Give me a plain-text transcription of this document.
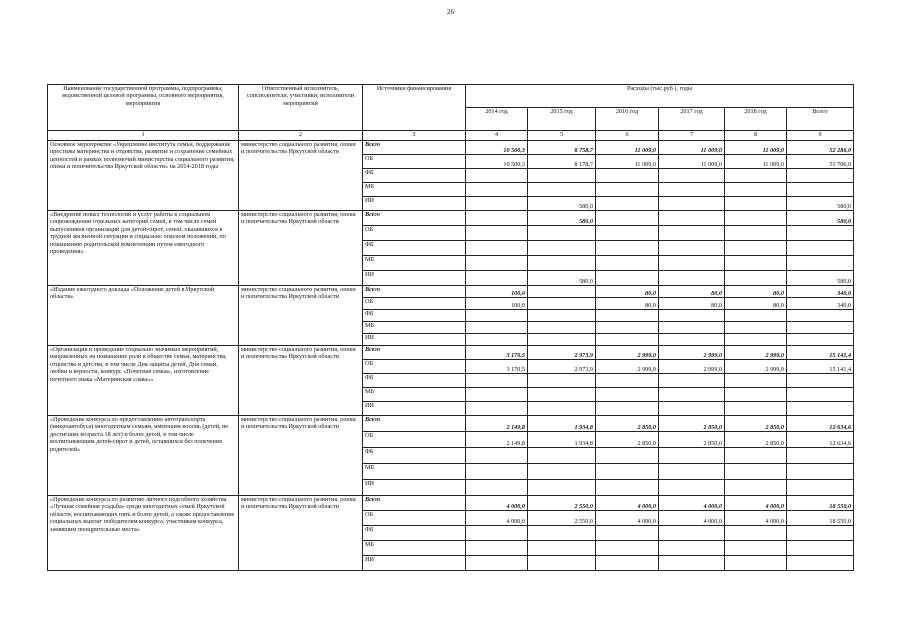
26
Наименование государственной программы, подпрограммы, ведомственной целевой программы, основного мероприятия, мероприятия	Ответственный исполнитель, соисполнители, участники, исполнители мероприятий	Источники финансирования	Расходы (тыс.руб.), годы					
			2014 год	2015 год	2016 год	2017 год	2018 год	Всего
1	2	3	4	5	6	7	8	9
Основное мероприятие «Укрепление института семьи, поддержание престижа материнства и отцовства, развитие и сохранение семейных ценностей в рамках полномочий министерства социального развития, опеки и попечительства Иркутской области» на 2014-2018 годы	министерство социального развития, опеки и попечительства Иркутской области	Всего	10 500,3	8 758,7	11 009,0	11 009,0	11 009,0	52 286,0
		ОБ	10 500,3	8 178,7	11 009,0	11 009,0	11 009,0	51 706,0
		ФБ						
		МБ						
		ИИ		580,0				580,0
«Внедрение новых технологий и услуг работы в социальном сопровождении отдельных категорий семей, в том числе семей выпускников организаций для детей-сирот, семей, оказавшихся в трудной жизненной ситуации и социально опасном положении, по повышению родительской компетенции путем ежегодного проведения»	министерство социального развития, опеки и попечительства Иркутской области	Всего		580,0				580,0
		ОБ						
		ФБ						
		МБ						
		ИИ		580,0				580,0
«Издание ежегодного доклада «Положение детей в Иркутской области»	министерство социального развития, опеки и попечительства Иркутской области	Всего	100,0		80,0	80,0	80,0	340,0
		ОБ	100,0		80,0	80,0	80,0	340,0
		ФБ						
		МБ						
		ИИ						
«Организация и проведение социально значимых мероприятий, направленных на повышение роли в обществе семьи, материнства, отцовства и детства, в том числе Дня защиты детей, Дня семьи, любви и верности, конкурс «Почетная семья», изготовление почетного знака «Материнская слава»»	министерство социального развития, опеки и попечительства Иркутской области	Всего	3 170,5	2 973,9	2 999,0	2 999,0	2 999,0	15 141,4
		ОБ	3 170,5	2 973,9	2 999,0	2 999,0	2 999,0	15 141,4
		ФБ						
		МБ						
		ИИ						
«Проведение конкурса по предоставлению автотранспорта (микроавтобуса) многодетным семьям, имеющим восемь (детей, не достигших возраста 18 лет) и более детей, в том числе воспитывающим детей-сирот и детей, оставшихся без попечения родителей»	министерство социального развития, опеки и попечительства Иркутской области	Всего	2 149,8	1 934,8	2 850,0	2 850,0	2 850,0	12 634,6
		ОБ	2 149,8	1 934,8	2 850,0	2 850,0	2 850,0	12 634,6
		ФБ						
		МБ						
		ИИ						
«Проведение конкурса по развитию личного подсобного хозяйства «Лучшая семейная усадьба» среди многодетных семей Иркутской области, воспитывающих пять и более детей, а также предоставление социальных выплат победителям конкурса, участникам конкурса, занявшим поощрительные места»	министерство социального развития, опеки и попечительства Иркутской области	Всего	4 000,0	2 550,0	4 000,0	4 000,0	4 000,0	18 550,0
		ОБ	4 000,0	2 550,0	4 000,0	4 000,0	4 000,0	18 550,0
		ФБ						
		МБ						
		ИИ						
